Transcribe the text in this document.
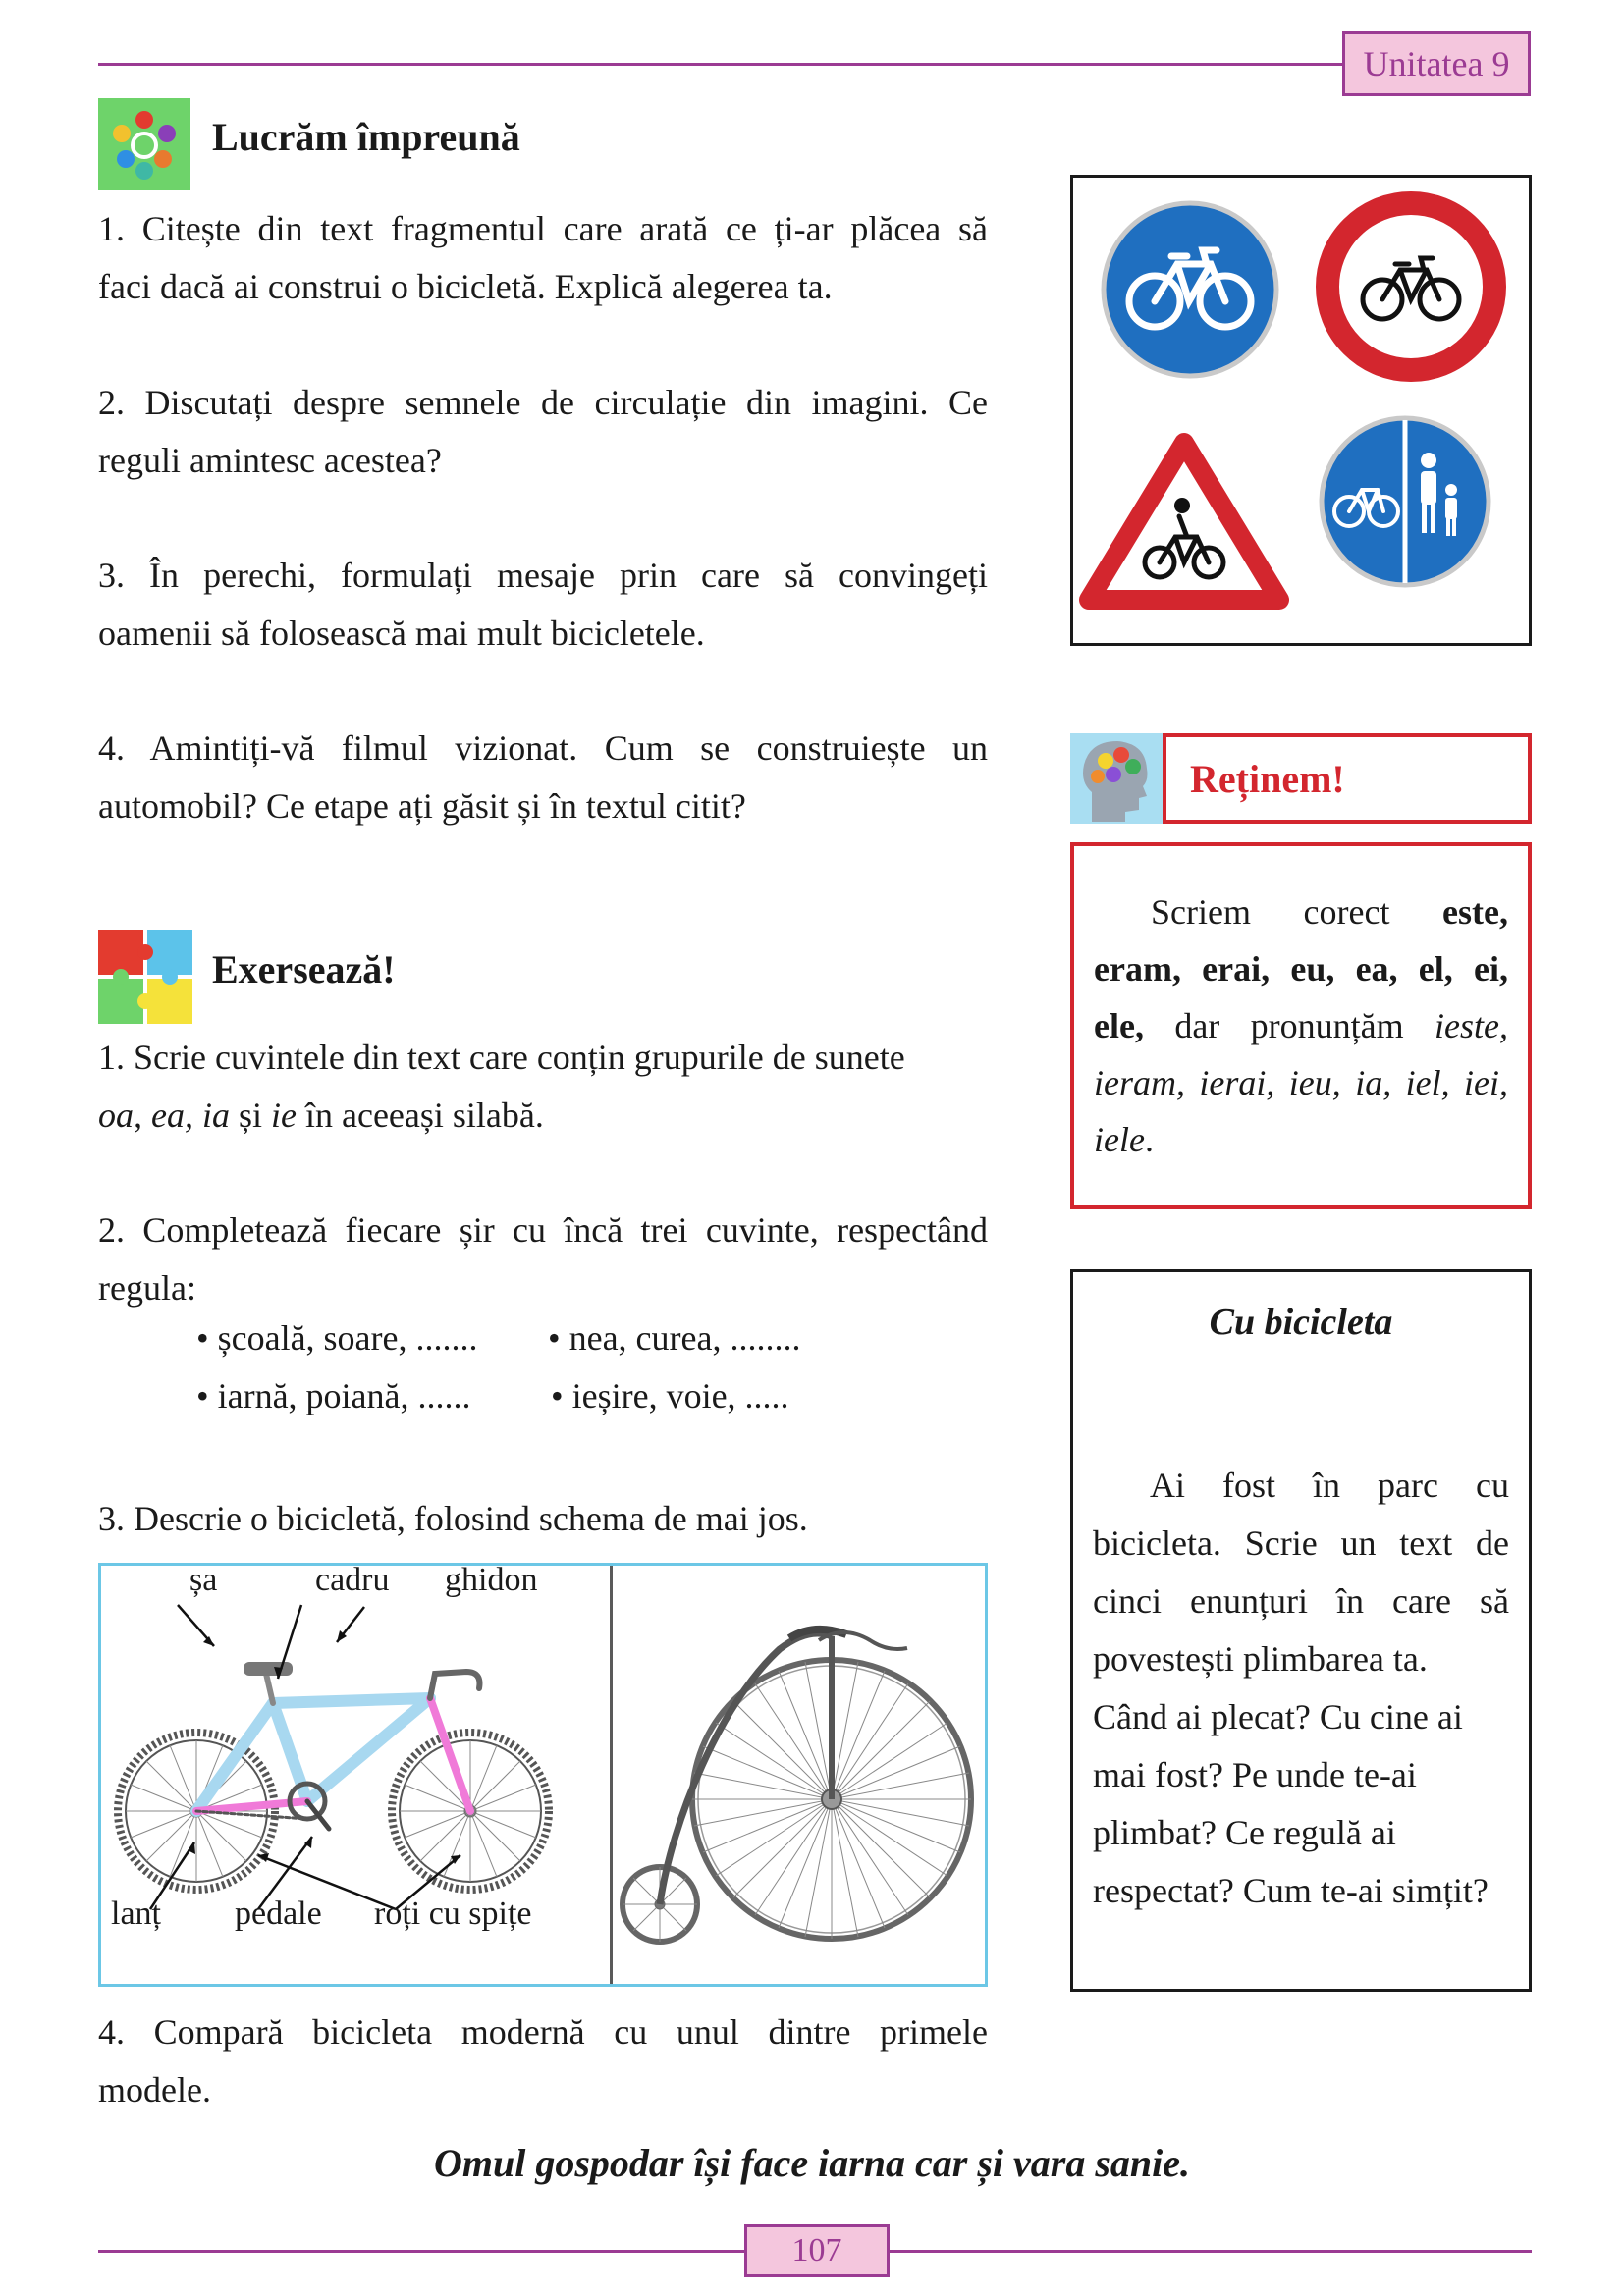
Unitatea 9
Lucrăm împreună

1. Citește din text fragmentul care arată ce ți-ar plăcea să
faci dacă ai construi o bicicletă. Explică alegerea ta.

2. Discutați despre semnele de circulație din imagini. Ce
reguli amintesc acestea?

3. În perechi, formulați mesaje prin care să convingeți
oamenii să folosească mai mult bicicletele.

4. Amintiți-vă filmul vizionat. Cum se construiește un
automobil? Ce etape ați găsit și în textul citit?

Exersează!

1. Scrie cuvintele din text care conțin grupurile de sunete
oa, ea, ia și ie în aceeași silabă.

2. Completează fiecare șir cu încă trei cuvinte, respectând
regula:

• școală, soare, ....... • nea, curea, ........
• iarnă, poiană, ...... • ieșire, voie, .....

3. Descrie o bicicletă, folosind schema de mai jos.

șa	cadru ghidon
lanț pedale roți cu spițe

4. Compară bicicleta modernă cu unul dintre primele
modele.

Reținem!
Scriem corect este,
eram, erai, eu, ea, el, ei,
ele, dar pronunțăm ieste,
ieram, ierai, ieu, ia, iel, iei,
iele.
Cu bicicleta
Ai fost în parc cu
bicicleta. Scrie un text de
cinci enunțuri în care să
povestești plimbarea ta. Când ai plecat? Cu cine ai mai fost? Pe unde te-ai plimbat? Ce regulă ai respectat? Cum te-ai simțit?
Omul gospodar își face iarna car și vara sanie.
107
